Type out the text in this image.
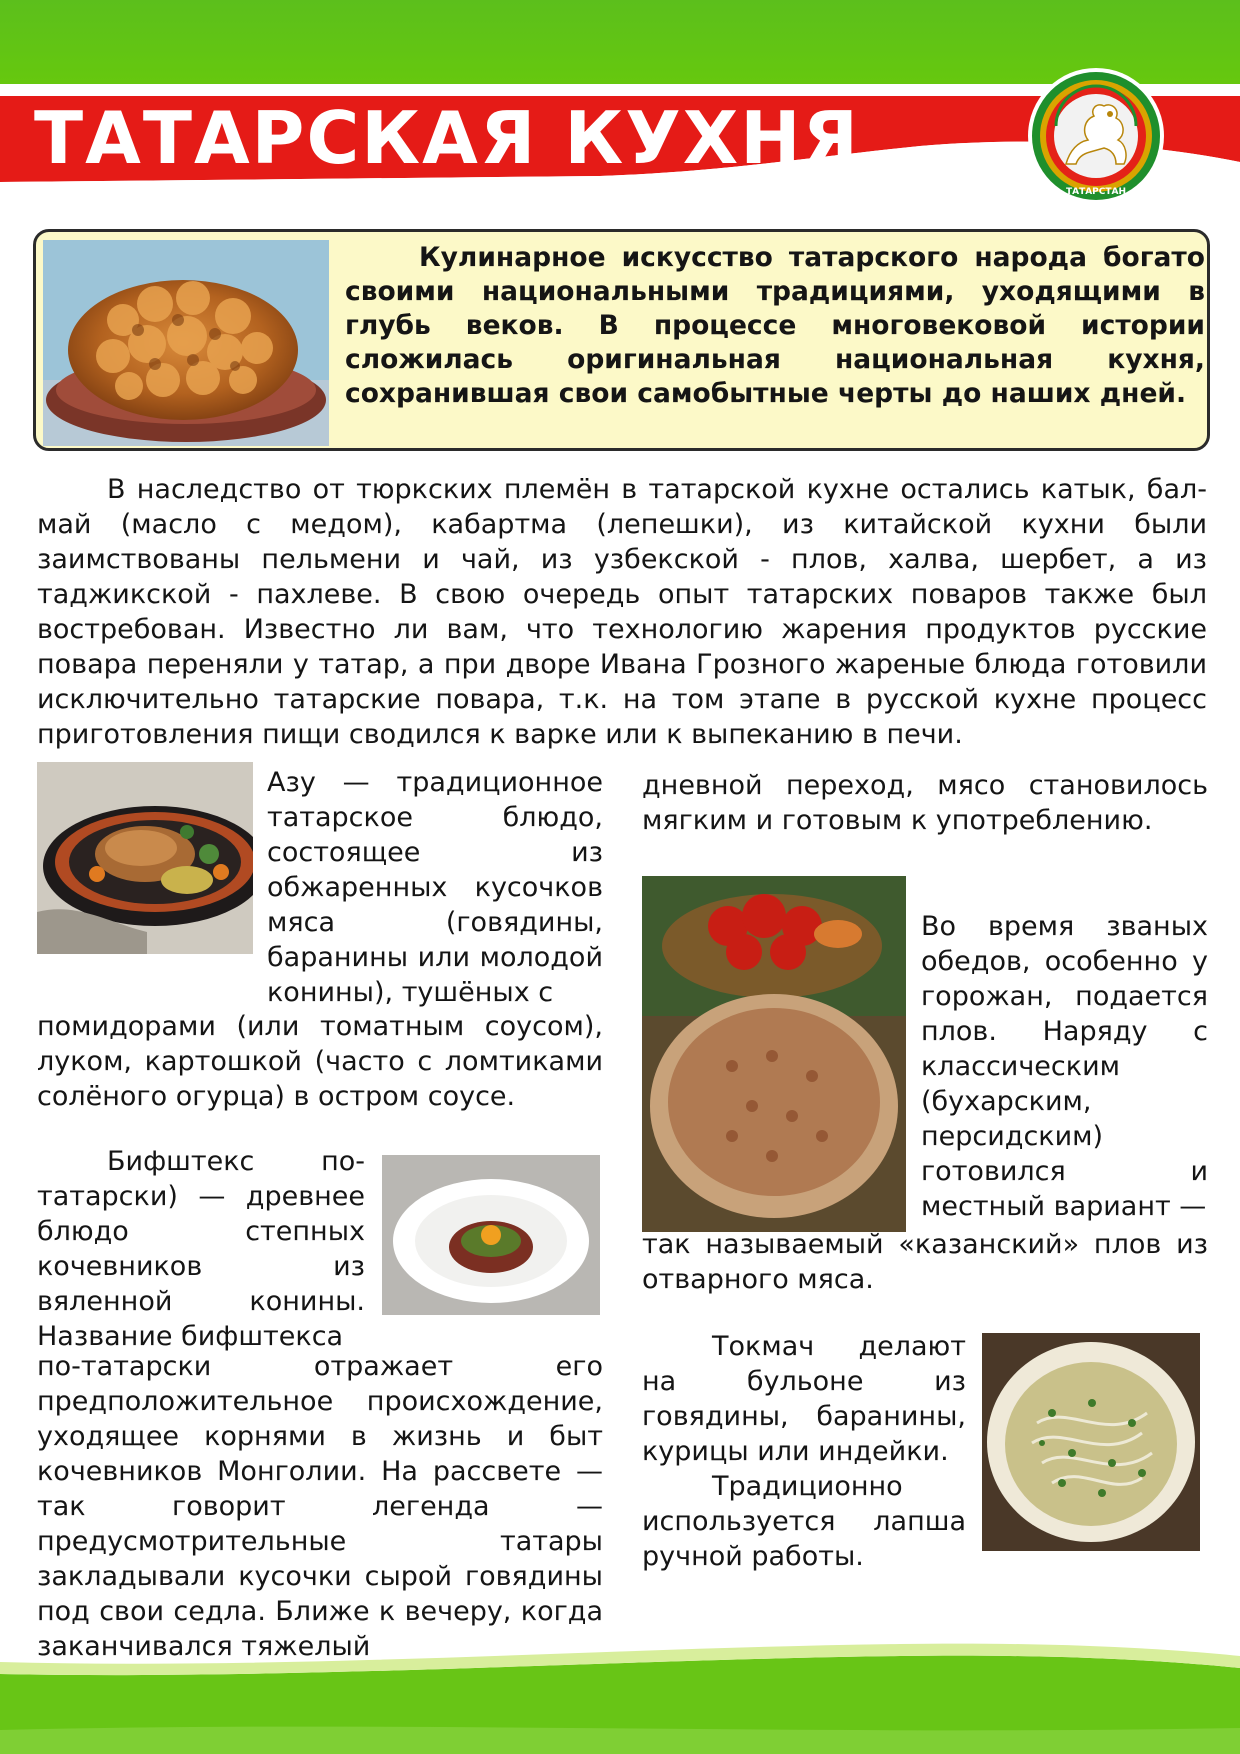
ТАТАРСКАЯ КУХНЯ
ТАТАРСТАН
Кулинарное искусство татарского народа богато своими национальными традициями, уходящими в глубь веков. В процессе многовековой истории сложилась оригинальная национальная кухня, сохранившая свои самобытные черты до наших дней.
В наследство от тюркских племён в татарской кухне остались катык, бал-май (масло с медом), кабартма (лепешки), из китайской кухни были заимствованы пельмени и чай, из узбекской - плов, халва, шербет, а из таджикской - пахлеве. В свою очередь опыт татарских поваров также был востребован. Известно ли вам, что технологию жарения продуктов русские повара переняли у татар, а при дворе Ивана Грозного жареные блюда готовили исключительно татарские повара, т.к. на том этапе в русской кухне процесс приготовления пищи сводился к варке или к выпеканию в печи.
Азу — традиционное татарское блюдо, состоящее из обжаренных кусочков мяса (говядины, баранины или молодой конины), тушёных с
помидорами (или томатным соусом), луком, картошкой (часто с ломтиками солёного огурца) в остром соусе.
Бифштекс по-татарски) — древнее блюдо степных кочевников из вяленной конины. Название бифштекса
по-татарски отражает его предположительное происхождение, уходящее корнями в жизнь и быт кочевников Монголии. На рассвете — так говорит легенда — предусмотрительные татары закладывали кусочки сырой говядины под свои седла. Ближе к вечеру, когда заканчивался тяжелый
дневной переход, мясо становилось мягким и готовым к употреблению.
Во время званых обедов, особенно у горожан, подается плов. Наряду с классическим (бухарским, персидским) готовился и местный вариант —
так называемый «казанский» плов из отварного мяса.
Токмач делают на бульоне из говядины, баранины, курицы или индейки.
Традиционно используется лапша ручной работы.
